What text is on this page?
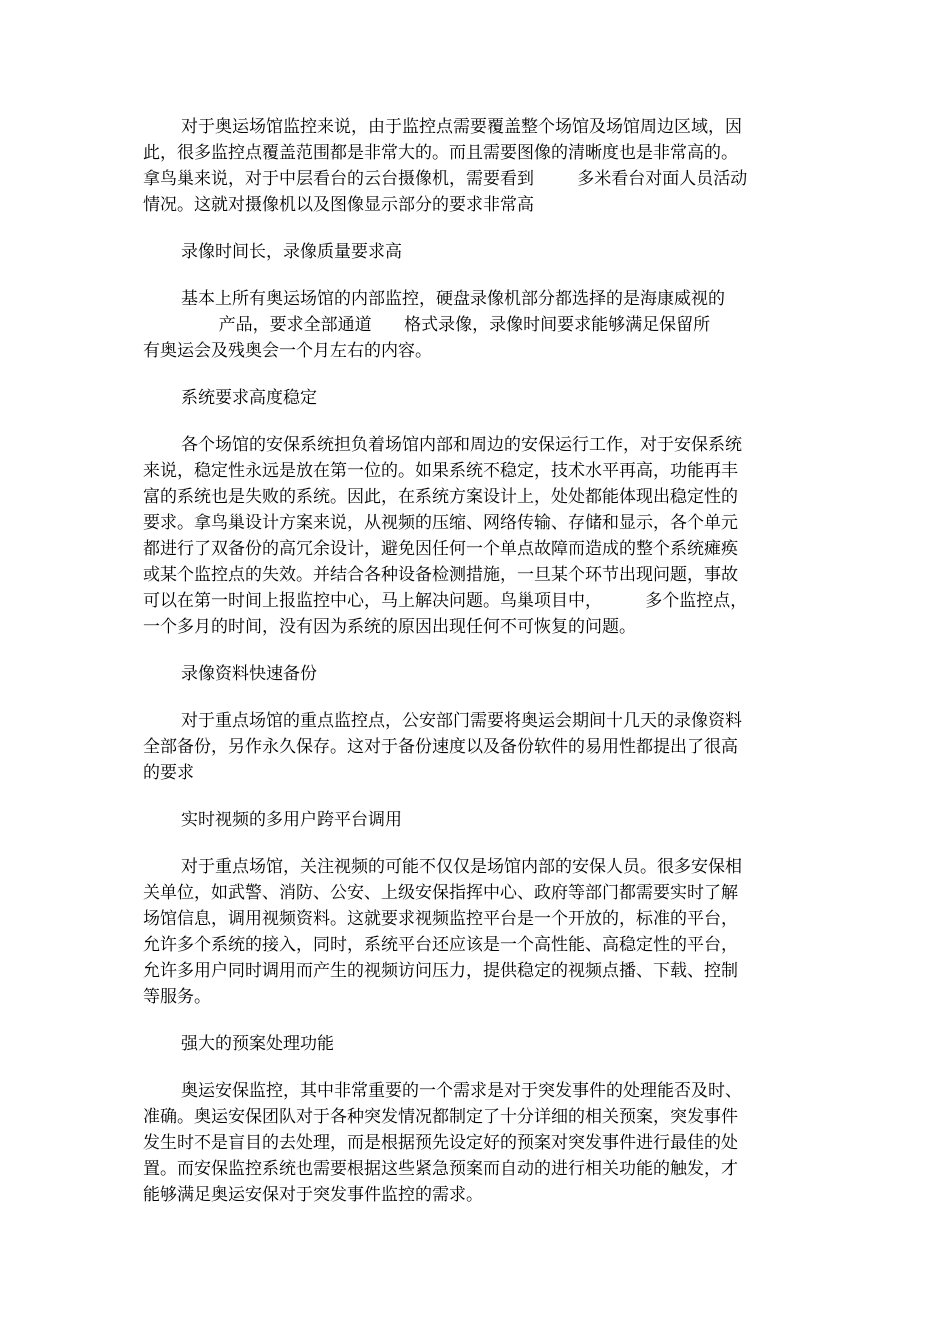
对于奥运场馆监控来说，由于监控点需要覆盖整个场馆及场馆周边区域，因
此，很多监控点覆盖范围都是非常大的。而且需要图像的清晰度也是非常高的。
拿鸟巢来说，对于中层看台的云台摄像机，需要看到        多米看台对面人员活动
情况。这就对摄像机以及图像显示部分的要求非常高
录像时间长，录像质量要求高
基本上所有奥运场馆的内部监控，硬盘录像机部分都选择的是海康威视的
产品，要求全部通道      格式录像，录像时间要求能够满足保留所
有奥运会及残奥会一个月左右的内容。
系统要求高度稳定
各个场馆的安保系统担负着场馆内部和周边的安保运行工作，对于安保系统
来说，稳定性永远是放在第一位的。如果系统不稳定，技术水平再高，功能再丰
富的系统也是失败的系统。因此，在系统方案设计上，处处都能体现出稳定性的
要求。拿鸟巢设计方案来说，从视频的压缩、网络传输、存储和显示，各个单元
都进行了双备份的高冗余设计，避免因任何一个单点故障而造成的整个系统瘫痪
或某个监控点的失效。并结合各种设备检测措施，一旦某个环节出现问题，事故
可以在第一时间上报监控中心，马上解决问题。鸟巢项目中，        多个监控点，
一个多月的时间，没有因为系统的原因出现任何不可恢复的问题。
录像资料快速备份
对于重点场馆的重点监控点，公安部门需要将奥运会期间十几天的录像资料
全部备份，另作永久保存。这对于备份速度以及备份软件的易用性都提出了很高
的要求
实时视频的多用户跨平台调用
对于重点场馆，关注视频的可能不仅仅是场馆内部的安保人员。很多安保相
关单位，如武警、消防、公安、上级安保指挥中心、政府等部门都需要实时了解
场馆信息，调用视频资料。这就要求视频监控平台是一个开放的，标准的平台，
允许多个系统的接入，同时，系统平台还应该是一个高性能、高稳定性的平台，
允许多用户同时调用而产生的视频访问压力，提供稳定的视频点播、下载、控制
等服务。
强大的预案处理功能
奥运安保监控，其中非常重要的一个需求是对于突发事件的处理能否及时、
准确。奥运安保团队对于各种突发情况都制定了十分详细的相关预案，突发事件
发生时不是盲目的去处理，而是根据预先设定好的预案对突发事件进行最佳的处
置。而安保监控系统也需要根据这些紧急预案而自动的进行相关功能的触发，才
能够满足奥运安保对于突发事件监控的需求。
